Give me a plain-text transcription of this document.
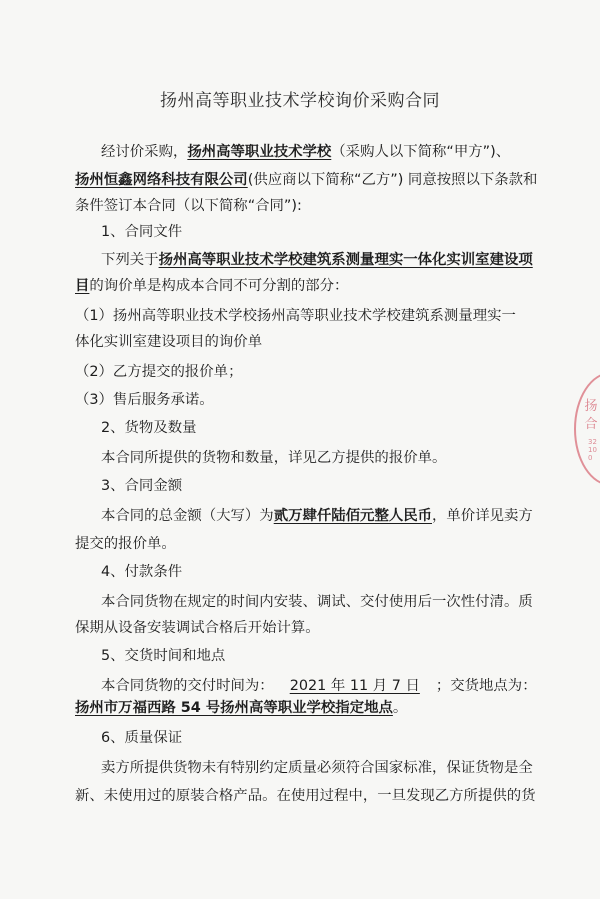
扬州高等职业技术学校询价采购合同
经讨价采购，扬州高等职业技术学校（采购人以下简称“甲方”)、
扬州恒鑫网络科技有限公司(供应商以下简称“乙方”) 同意按照以下条款和
条件签订本合同（以下简称“合同”):
1、合同文件
下列关于扬州高等职业技术学校建筑系测量理实一体化实训室建设项
目的询价单是构成本合同不可分割的部分：
（1）扬州高等职业技术学校扬州高等职业技术学校建筑系测量理实一
体化实训室建设项目的询价单
（2）乙方提交的报价单；
（3）售后服务承诺。
2、货物及数量
本合同所提供的货物和数量，详见乙方提供的报价单。
3、合同金额
本合同的总金额（大写）为贰万肆仟陆佰元整人民币，单价详见卖方
提交的报价单。
4、付款条件
本合同货物在规定的时间内安装、调试、交付使用后一次性付清。质
保期从设备安装调试合格后开始计算。
5、交货时间和地点
本合同货物的交付时间为： 2021 年 11 月 7 日 ；交货地点为：
扬州市万福西路 54 号扬州高等职业学校指定地点。
6、质量保证
卖方所提供货物未有特别约定质量必须符合国家标准，保证货物是全
新、未使用过的原装合格产品。在使用过程中，一旦发现乙方所提供的货
扬 合
32100
